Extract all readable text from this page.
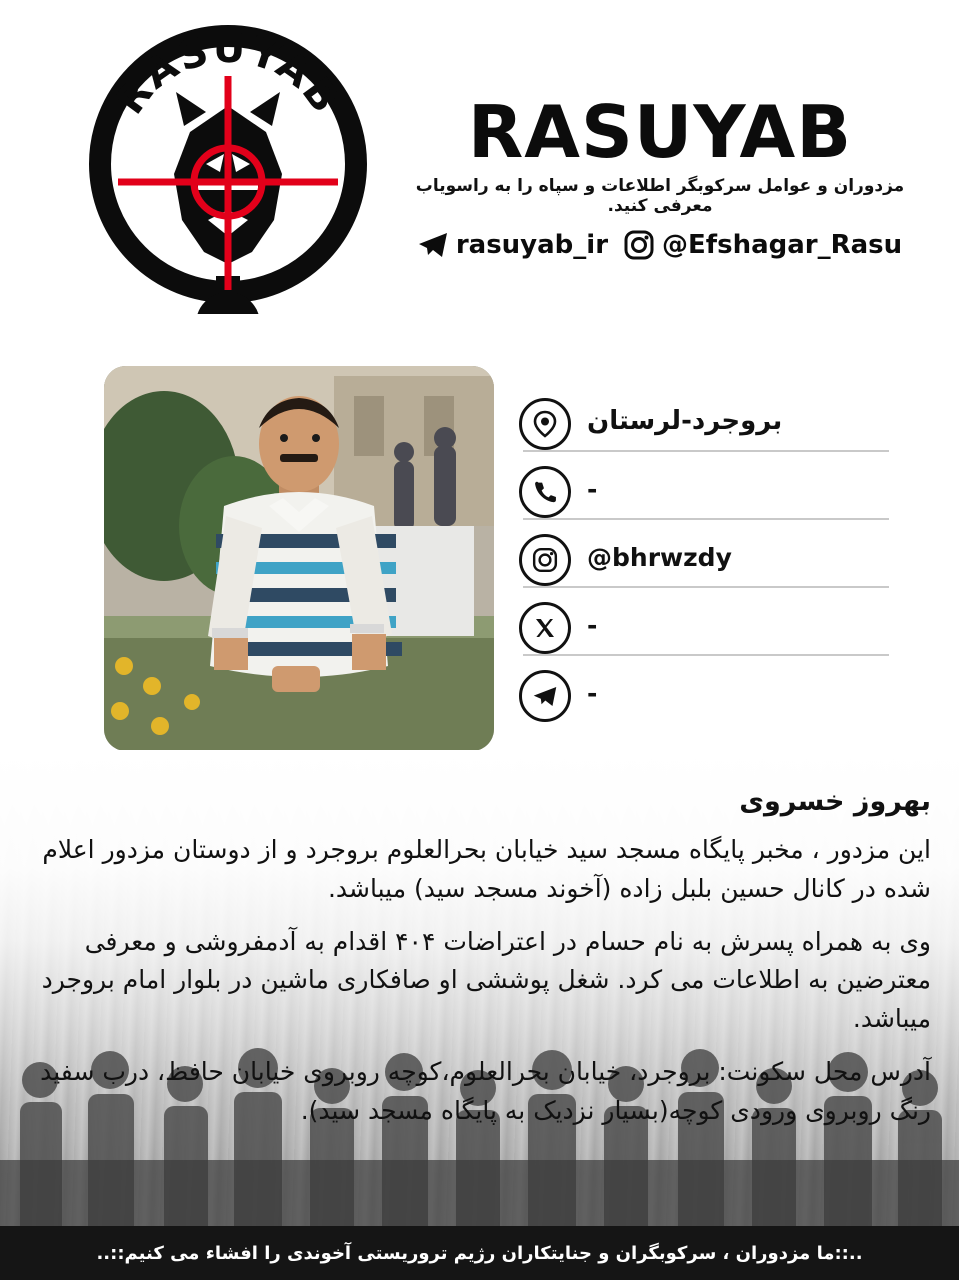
RASUYAB	RASUYAB
مزدوران و عوامل سرکوبگر اطلاعات و سپاه را به راسویاب معرفی کنید.
rasuyab_ir @Efshagar_Rasu
بروجرد-لرستان
-
@bhrwzdy
-
-
بهروز خسروی

این مزدور ، مخبر پایگاه مسجد سید خیابان بحرالعلوم بروجرد و از دوستان مزدور اعلام شده در کانال حسین بلبل زاده (آخوند مسجد سید) میباشد.

وی به همراه پسرش به نام حسام در اعتراضات ۴۰۴ اقدام به آدمفروشی و معرفی معترضین به اطلاعات می کرد. شغل پوششی او صافکاری ماشین در بلوار امام بروجرد میباشد.

آدرس محل سکونت: بروجرد، خیابان بحرالعلوم،کوچه روبروی خیابان حافظ، درب سفید رنگ روبروی ورودی کوچه(بسیار نزدیک به پایگاه مسجد سید).

..::ما مزدوران ، سرکوبگران و جنایتکاران رژیم تروریستی آخوندی را افشاء می کنیم::..
